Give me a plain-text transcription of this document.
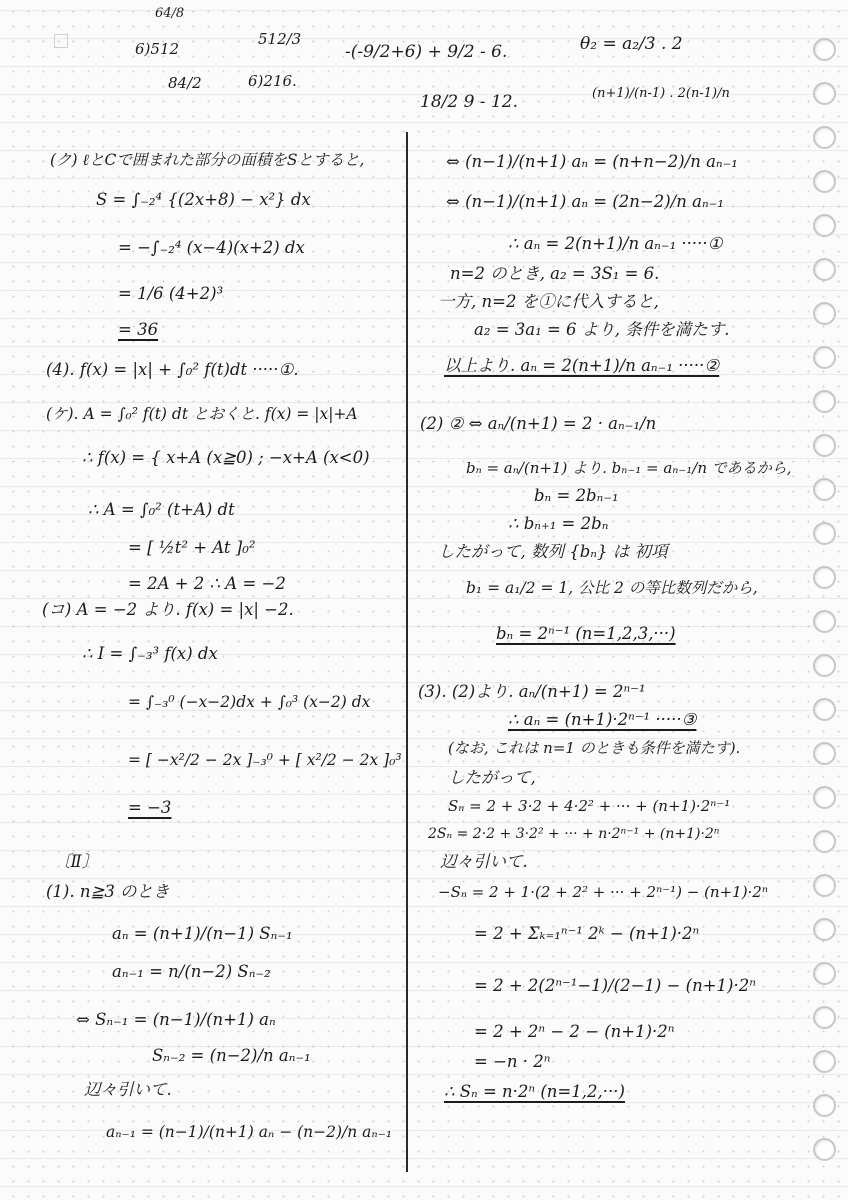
64/8
6)512
84/2
512/3
6)216.
-(-9/2+6) + 9/2 - 6.
18/2 9 - 12.
θ₂ = a₂/3 . 2
(n+1)/(n-1) . 2(n-1)/n
(ク) ℓとCで囲まれた部分の面積をSとすると,
S = ∫₋₂⁴ {(2x+8) − x²} dx
= −∫₋₂⁴ (x−4)(x+2) dx
= 1/6 (4+2)³
= 36
(4). f(x) = |x| + ∫₀² f(t)dt ·····①.
(ケ). A = ∫₀² f(t) dt とおくと. f(x) = |x|+A
∴ f(x) = { x+A (x≧0) ; −x+A (x<0)
∴ A = ∫₀² (t+A) dt
= [ ½t² + At ]₀²
= 2A + 2 ∴ A = −2
(コ) A = −2 より. f(x) = |x| −2.
∴ I = ∫₋₃³ f(x) dx
= ∫₋₃⁰ (−x−2)dx + ∫₀³ (x−2) dx
= [ −x²/2 − 2x ]₋₃⁰ + [ x²/2 − 2x ]₀³
= −3
〔Ⅱ〕
(1). n≧3 のとき
aₙ = (n+1)/(n−1) Sₙ₋₁
aₙ₋₁ = n/(n−2) Sₙ₋₂
⇔ Sₙ₋₁ = (n−1)/(n+1) aₙ
Sₙ₋₂ = (n−2)/n aₙ₋₁
辺々引いて.
aₙ₋₁ = (n−1)/(n+1) aₙ − (n−2)/n aₙ₋₁
⇔ (n−1)/(n+1) aₙ = (n+n−2)/n aₙ₋₁
⇔ (n−1)/(n+1) aₙ = (2n−2)/n aₙ₋₁
∴ aₙ = 2(n+1)/n aₙ₋₁ ·····①
n=2 のとき, a₂ = 3S₁ = 6.
一方, n=2 を①に代入すると,
a₂ = 3a₁ = 6 より, 条件を満たす.
以上より. aₙ = 2(n+1)/n aₙ₋₁ ·····②
(2) ② ⇔ aₙ/(n+1) = 2 · aₙ₋₁/n
bₙ = aₙ/(n+1) より. bₙ₋₁ = aₙ₋₁/n であるから,
bₙ = 2bₙ₋₁
∴ bₙ₊₁ = 2bₙ
したがって, 数列 {bₙ} は 初項
b₁ = a₁/2 = 1, 公比 2 の等比数列だから,
bₙ = 2ⁿ⁻¹ (n=1,2,3,···)
(3). (2)より. aₙ/(n+1) = 2ⁿ⁻¹
∴ aₙ = (n+1)·2ⁿ⁻¹ ·····③
(なお, これは n=1 のときも条件を満たす).
したがって,
Sₙ = 2 + 3·2 + 4·2² + ··· + (n+1)·2ⁿ⁻¹
2Sₙ = 2·2 + 3·2² + ··· + n·2ⁿ⁻¹ + (n+1)·2ⁿ
辺々引いて.
−Sₙ = 2 + 1·(2 + 2² + ··· + 2ⁿ⁻¹) − (n+1)·2ⁿ
= 2 + Σₖ₌₁ⁿ⁻¹ 2ᵏ − (n+1)·2ⁿ
= 2 + 2(2ⁿ⁻¹−1)/(2−1) − (n+1)·2ⁿ
= 2 + 2ⁿ − 2 − (n+1)·2ⁿ
= −n · 2ⁿ
∴ Sₙ = n·2ⁿ (n=1,2,···)
